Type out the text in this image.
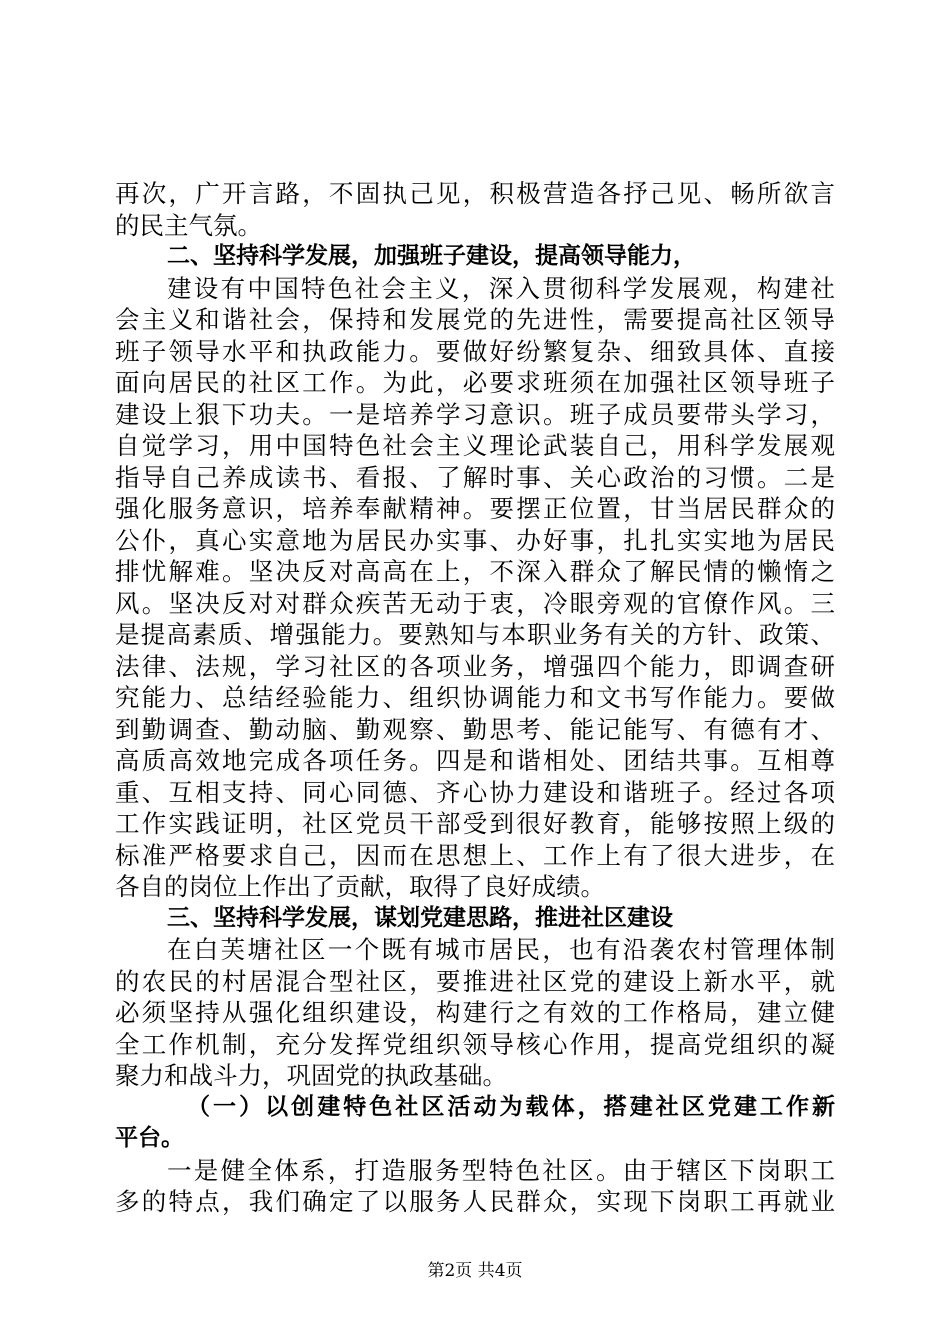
再次，广开言路，不固执己见，积极营造各抒己见、畅所欲言
的民主气氛。
二、坚持科学发展，加强班子建设，提高领导能力，
建设有中国特色社会主义，深入贯彻科学发展观，构建社
会主义和谐社会，保持和发展党的先进性，需要提高社区领导
班子领导水平和执政能力。要做好纷繁复杂、细致具体、直接
面向居民的社区工作。为此，必要求班须在加强社区领导班子
建设上狠下功夫。一是培养学习意识。班子成员要带头学习，
自觉学习，用中国特色社会主义理论武装自己，用科学发展观
指导自己养成读书、看报、了解时事、关心政治的习惯。二是
强化服务意识，培养奉献精神。要摆正位置，甘当居民群众的
公仆，真心实意地为居民办实事、办好事，扎扎实实地为居民
排忧解难。坚决反对高高在上，不深入群众了解民情的懒惰之
风。坚决反对对群众疾苦无动于衷，冷眼旁观的官僚作风。三
是提高素质、增强能力。要熟知与本职业务有关的方针、政策、
法律、法规，学习社区的各项业务，增强四个能力，即调查研
究能力、总结经验能力、组织协调能力和文书写作能力。要做
到勤调查、勤动脑、勤观察、勤思考、能记能写、有德有才、
高质高效地完成各项任务。四是和谐相处、团结共事。互相尊
重、互相支持、同心同德、齐心协力建设和谐班子。经过各项
工作实践证明，社区党员干部受到很好教育，能够按照上级的
标准严格要求自己，因而在思想上、工作上有了很大进步，在
各自的岗位上作出了贡献，取得了良好成绩。
三、坚持科学发展，谋划党建思路，推进社区建设
在白芙塘社区一个既有城市居民，也有沿袭农村管理体制
的农民的村居混合型社区，要推进社区党的建设上新水平，就
必须坚持从强化组织建设，构建行之有效的工作格局，建立健
全工作机制，充分发挥党组织领导核心作用，提高党组织的凝
聚力和战斗力，巩固党的执政基础。
（一）以创建特色社区活动为载体，搭建社区党建工作新
平台。
一是健全体系，打造服务型特色社区。由于辖区下岗职工
多的特点，我们确定了以服务人民群众，实现下岗职工再就业
第2页 共4页
